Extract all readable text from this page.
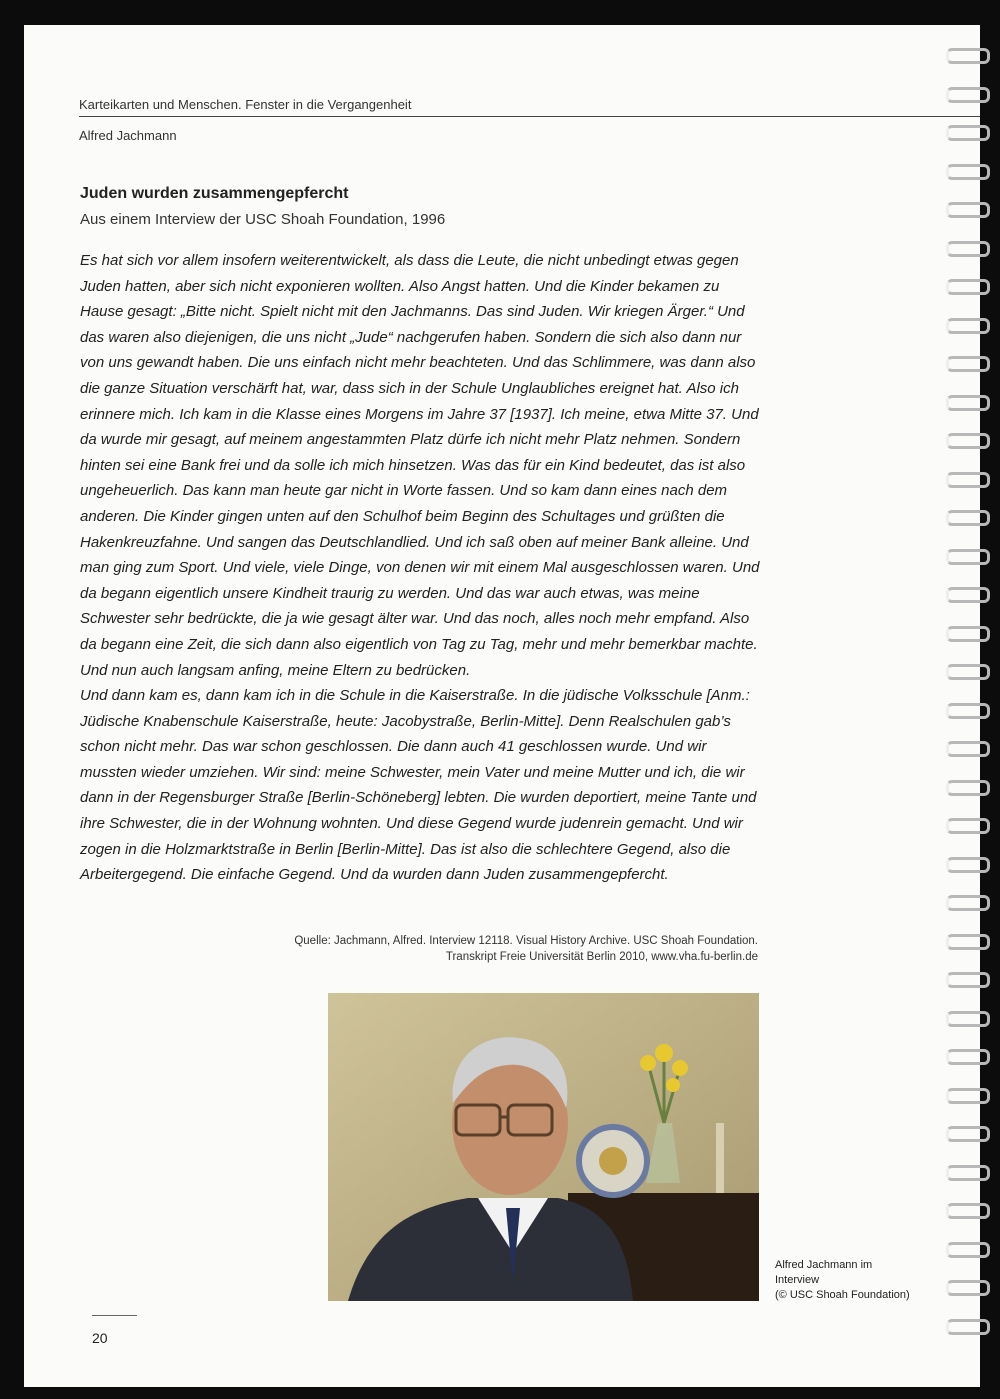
Karteikarten und Menschen. Fenster in die Vergangenheit
Alfred Jachmann
Juden wurden zusammengepfercht
Aus einem Interview der USC Shoah Foundation, 1996

Es hat sich vor allem insofern weiterentwickelt, als dass die Leute, die nicht unbedingt etwas gegen Juden hatten, aber sich nicht exponieren wollten. Also Angst hatten. Und die Kinder bekamen zu Hause gesagt: „Bitte nicht. Spielt nicht mit den Jachmanns. Das sind Juden. Wir kriegen Ärger.“ Und das waren also diejenigen, die uns nicht „Jude“ nachgerufen haben. Sondern die sich also dann nur von uns gewandt haben. Die uns einfach nicht mehr beachteten. Und das Schlimmere, was dann also die ganze Situation verschärft hat, war, dass sich in der Schule Unglaubliches ereignet hat. Also ich erinnere mich. Ich kam in die Klasse eines Morgens im Jahre 37 [1937]. Ich meine, etwa Mitte 37. Und da wurde mir gesagt, auf meinem angestammten Platz dürfe ich nicht mehr Platz nehmen. Sondern hinten sei eine Bank frei und da solle ich mich hinsetzen. Was das für ein Kind bedeutet, das ist also ungeheuerlich. Das kann man heute gar nicht in Worte fassen. Und so kam dann eines nach dem anderen. Die Kinder gingen unten auf den Schulhof beim Beginn des Schultages und grüßten die Hakenkreuzfahne. Und sangen das Deutschlandlied. Und ich saß oben auf meiner Bank alleine. Und man ging zum Sport. Und viele, viele Dinge, von denen wir mit einem Mal ausgeschlossen waren. Und da begann eigentlich unsere Kindheit traurig zu werden. Und das war auch etwas, was meine Schwester sehr bedrückte, die ja wie gesagt älter war. Und das noch, alles noch mehr empfand. Also da begann eine Zeit, die sich dann also eigentlich von Tag zu Tag, mehr und mehr bemerkbar machte. Und nun auch langsam anfing, meine Eltern zu bedrücken.

Und dann kam es, dann kam ich in die Schule in die Kaiserstraße. In die jüdische Volksschule [Anm.: Jüdische Knabenschule Kaiserstraße, heute: Jacobystraße, Berlin-Mitte]. Denn Realschulen gab’s schon nicht mehr. Das war schon geschlossen. Die dann auch 41 geschlossen wurde. Und wir mussten wieder umziehen. Wir sind: meine Schwester, mein Vater und meine Mutter und ich, die wir dann in der Regensburger Straße [Berlin-Schöneberg] lebten. Die wurden deportiert, meine Tante und ihre Schwester, die in der Wohnung wohnten. Und diese Gegend wurde judenrein gemacht. Und wir zogen in die Holzmarktstraße in Berlin [Berlin-Mitte]. Das ist also die schlechtere Gegend, also die Arbeitergegend. Die einfache Gegend. Und da wurden dann Juden zusammengepfercht.

Quelle: Jachmann, Alfred. Interview 12118. Visual History Archive. USC Shoah Foundation.
Transkript Freie Universität Berlin 2010, www.vha.fu-berlin.de
Alfred Jachmann im
Interview
(© USC Shoah Foundation)
20
